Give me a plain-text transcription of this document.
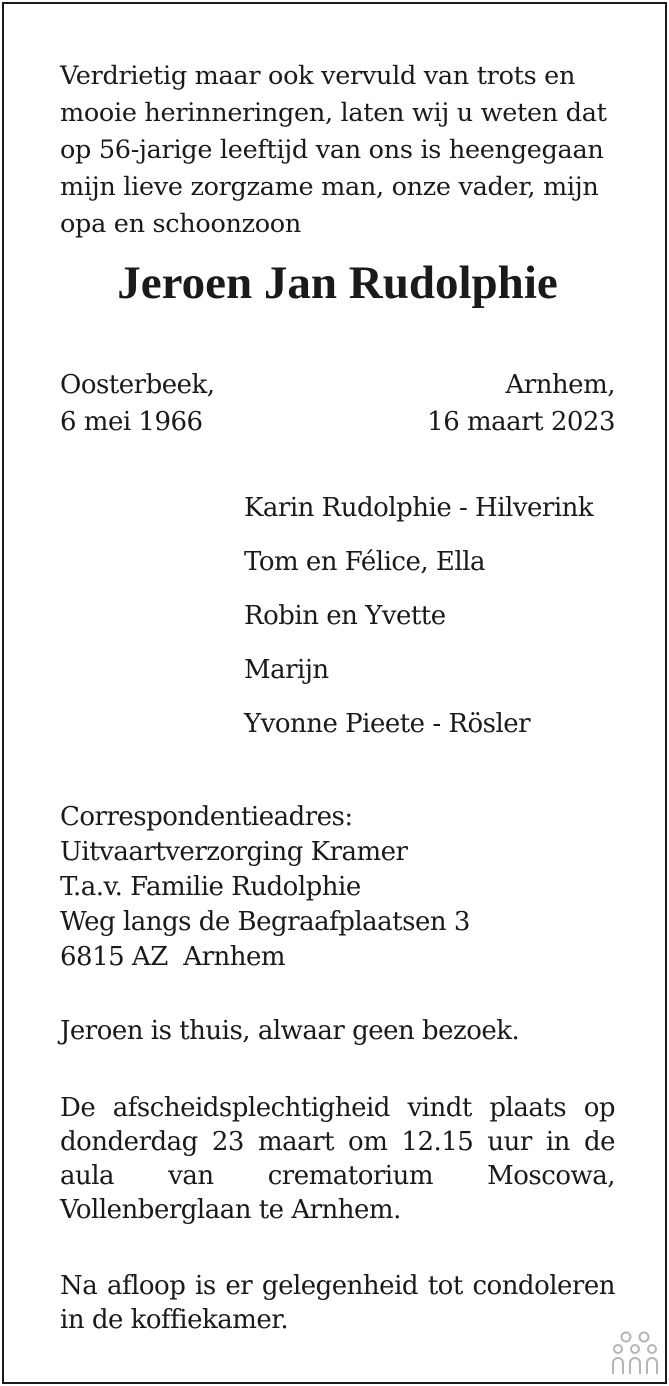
Verdrietig maar ook vervuld van trots en mooie herinneringen, laten wij u weten dat op 56-jarige leeftijd van ons is heengegaan mijn lieve zorgzame man, onze vader, mijn opa en schoonzoon

Jeroen Jan Rudolphie
Oosterbeek,
6 mei 1966
Arnhem,
16 maart 2023
Karin Rudolphie - Hilverink
Tom en Félice, Ella
Robin en Yvette
Marijn
Yvonne Pieete - Rösler
Correspondentieadres:
Uitvaartverzorging Kramer
T.a.v. Familie Rudolphie
Weg langs de Begraafplaatsen 3
6815 AZ  Arnhem
Jeroen is thuis, alwaar geen bezoek.
De afscheidsplechtigheid vindt plaats op donderdag 23 maart om 12.15 uur in de aula van crematorium Moscowa, Vollenberglaan te Arnhem.
Na afloop is er gelegenheid tot condoleren in de koffiekamer.
